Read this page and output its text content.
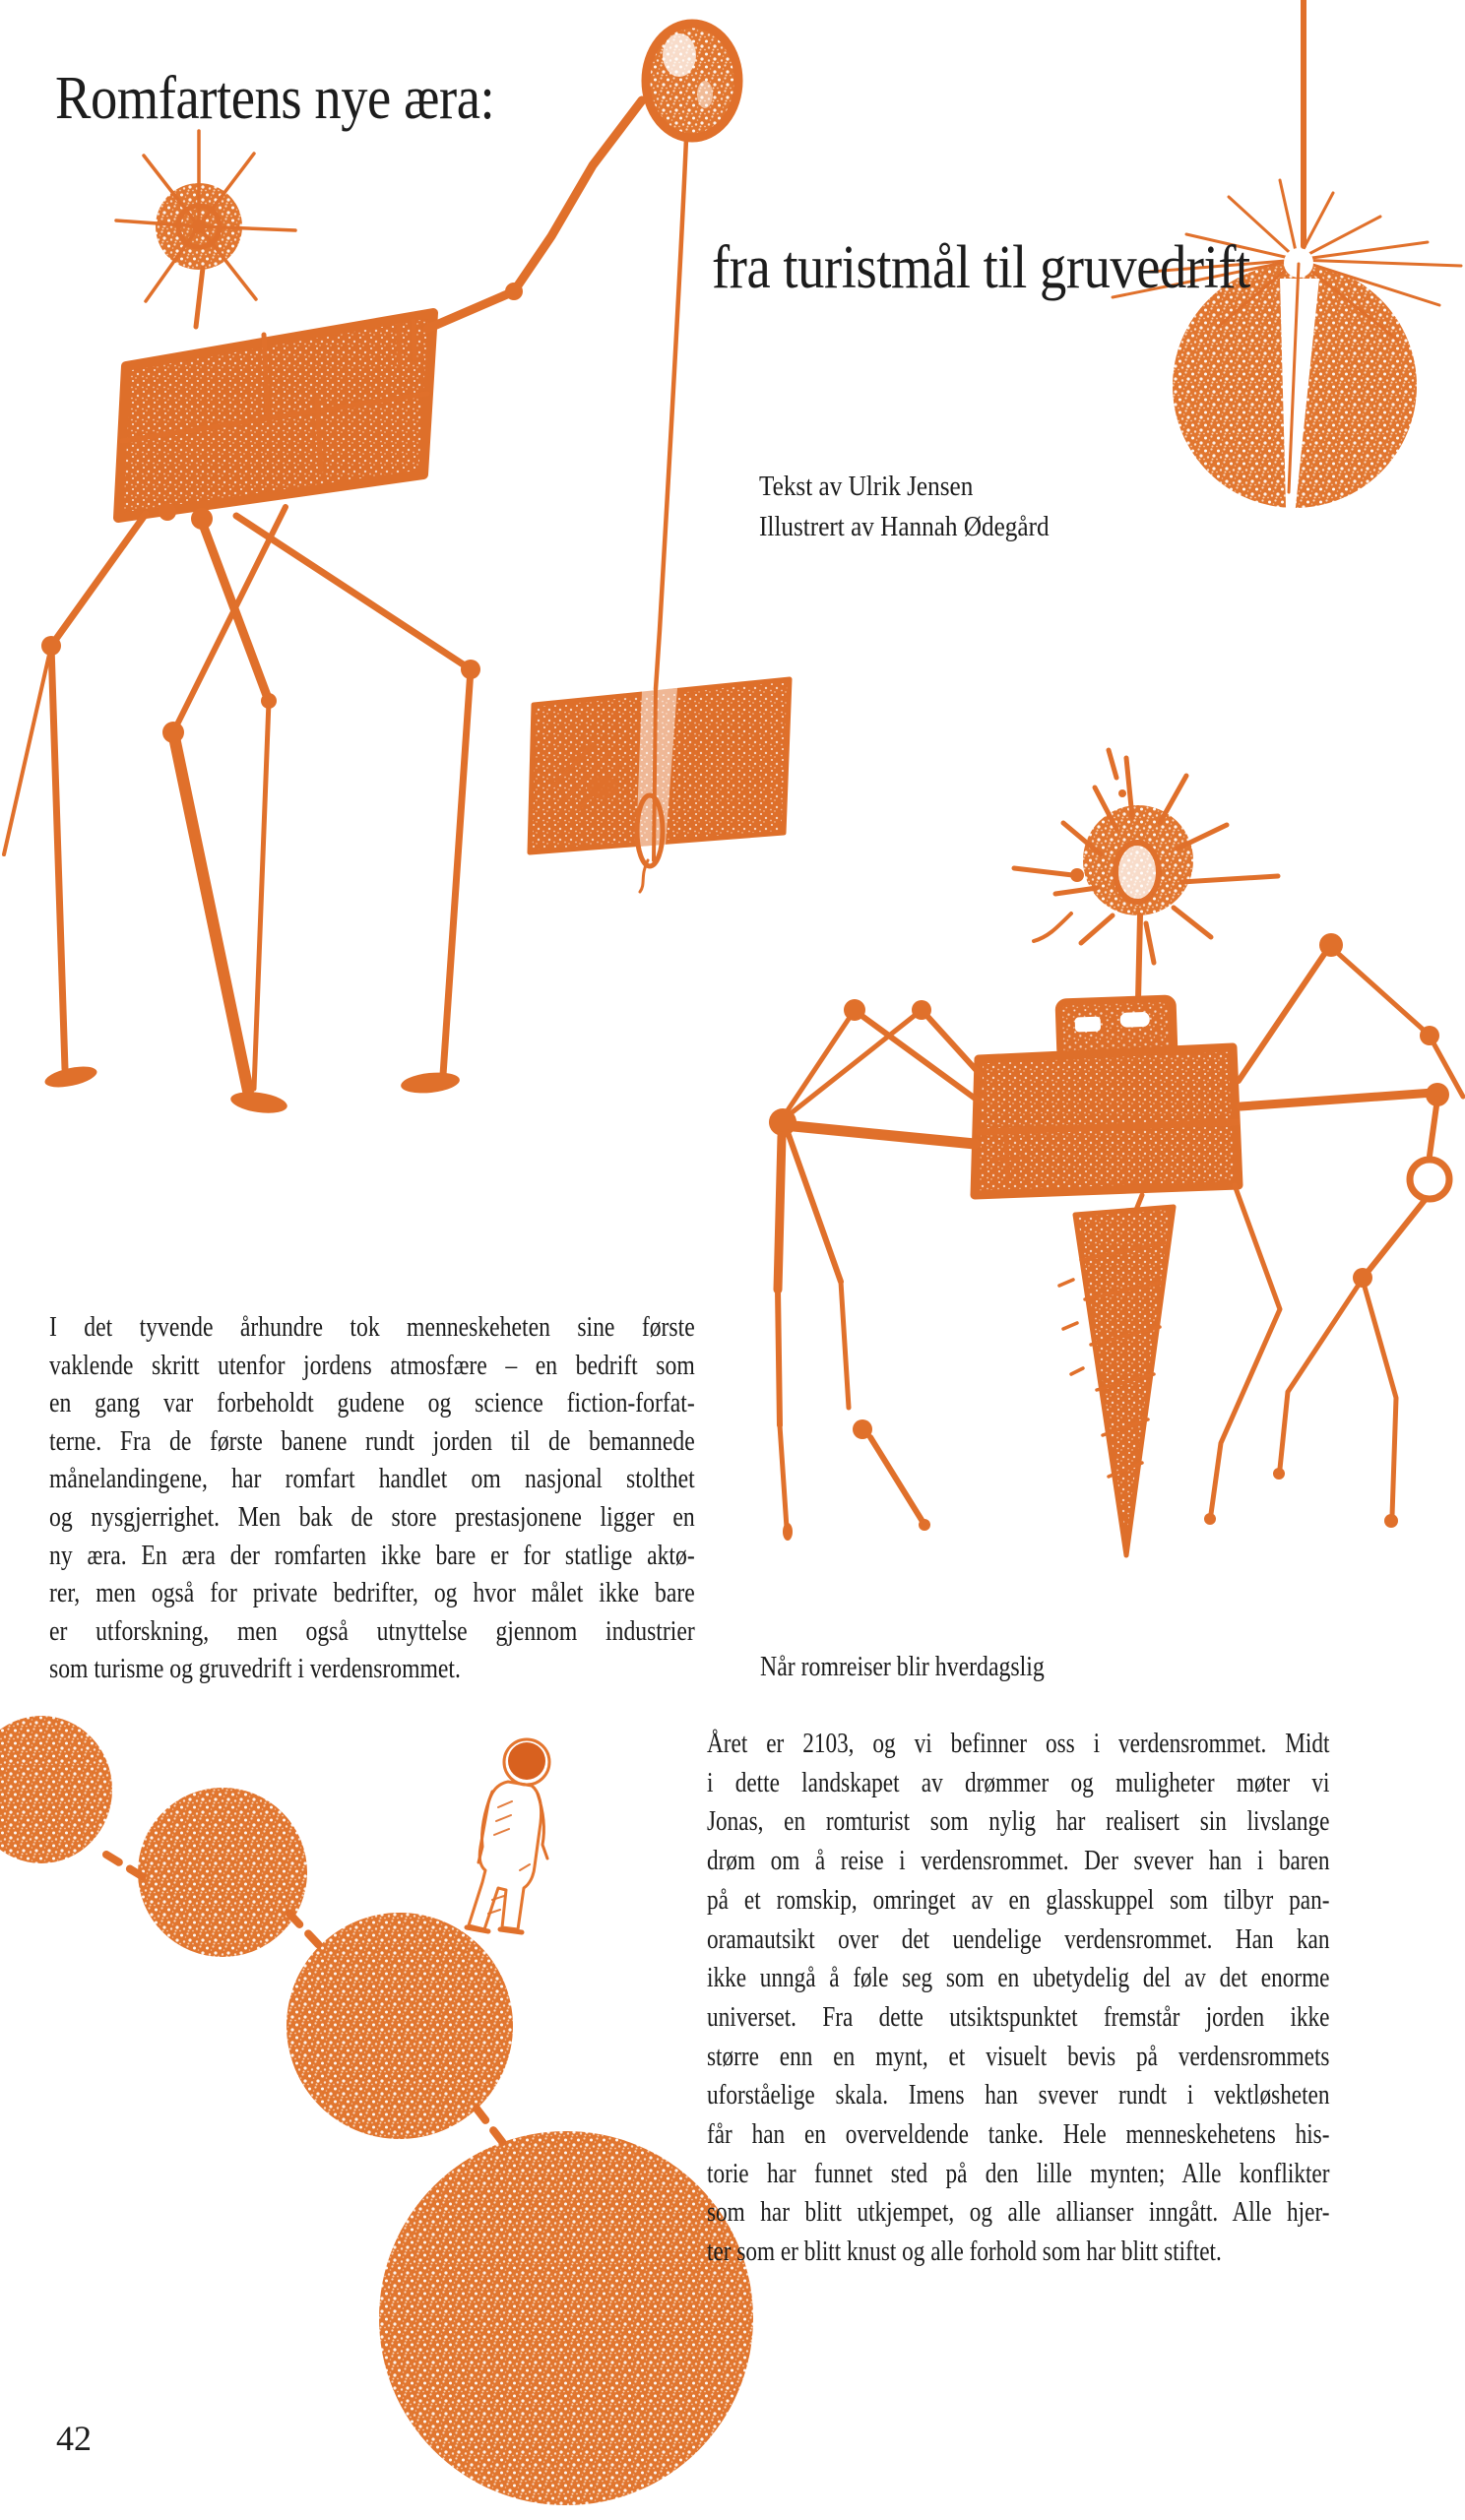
Romfartens nye æra:
fra turistmål til gruvedrift
Tekst av Ulrik Jensen
Illustrert av Hannah Ødegård
I det tyvende århundre tok menneskeheten sine første
vaklende skritt utenfor jordens atmosfære – en bedrift som
en gang var forbeholdt gudene og science fiction-forfat-
terne. Fra de første banene rundt jorden til de bemannede
månelandingene, har romfart handlet om nasjonal stolthet
og nysgjerrighet. Men bak de store prestasjonene ligger en
ny æra. En æra der romfarten ikke bare er for statlige aktø-
rer, men også for private bedrifter, og hvor målet ikke bare
er utforskning, men også utnyttelse gjennom industrier
som turisme og gruvedrift i verdensrommet.	Når romreiser blir hverdagslig
Året er 2103, og vi befinner oss i verdensrommet. Midt
i dette landskapet av drømmer og muligheter møter vi
Jonas, en romturist som nylig har realisert sin livslange
drøm om å reise i verdensrommet. Der svever han i baren
på et romskip, omringet av en glasskuppel som tilbyr pan-
oramautsikt over det uendelige verdensrommet. Han kan
ikke unngå å føle seg som en ubetydelig del av det enorme
universet. Fra dette utsiktspunktet fremstår jorden ikke
større enn en mynt, et visuelt bevis på verdensrommets
uforståelige skala. Imens han svever rundt i vektløsheten
får han en overveldende tanke. Hele menneskehetens his-
torie har funnet sted på den lille mynten; Alle konflikter
som har blitt utkjempet, og alle allianser inngått. Alle hjer-
ter som er blitt knust og alle forhold som har blitt stiftet.
42
